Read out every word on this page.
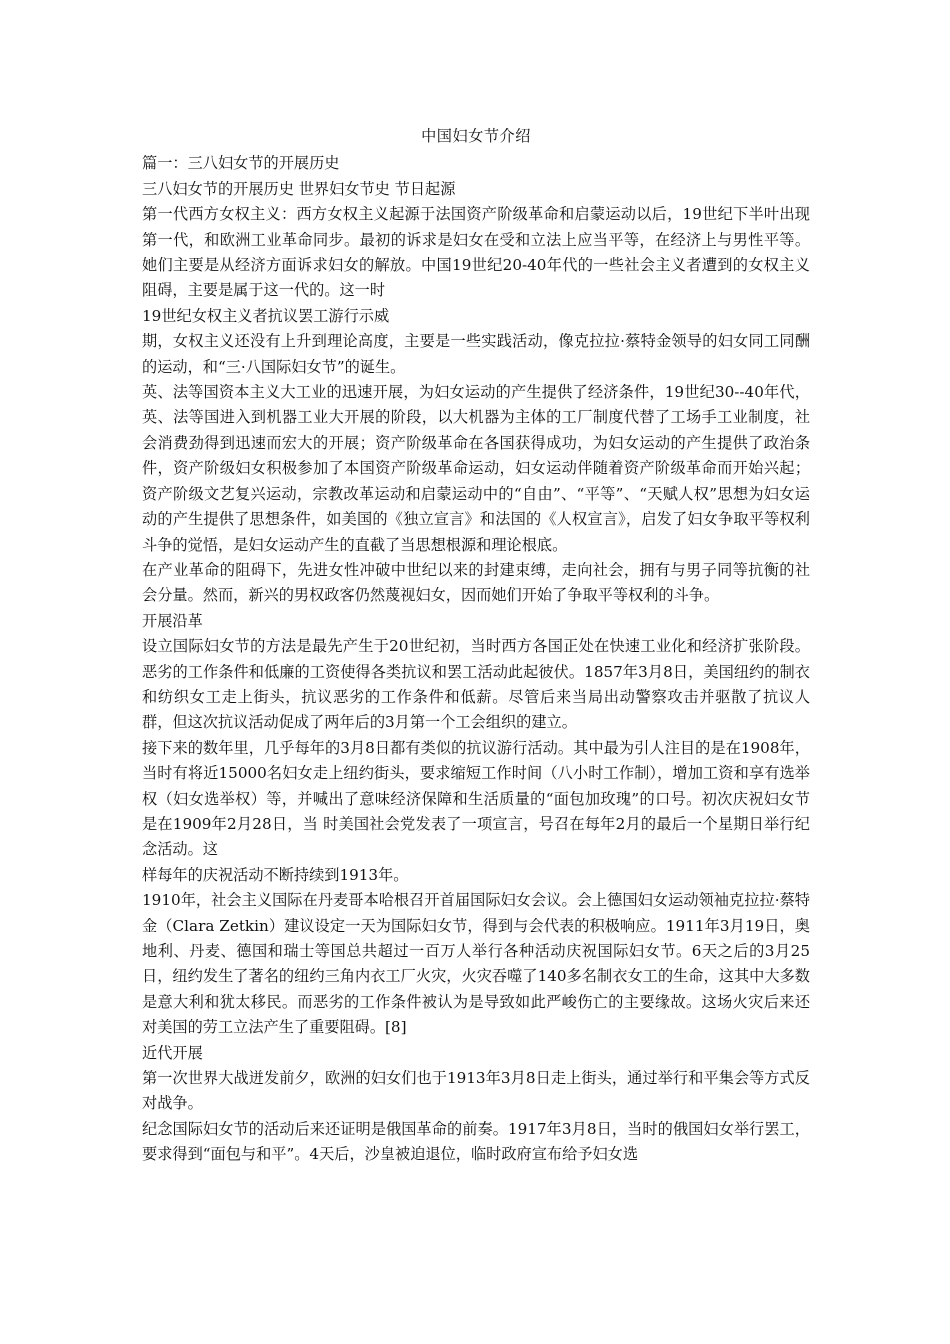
中国妇女节介绍

篇一：三八妇女节的开展历史

三八妇女节的开展历史 世界妇女节史 节日起源

第一代西方女权主义：西方女权主义起源于法国资产阶级革命和启蒙运动以后，19世纪下半叶出现第一代，和欧洲工业革命同步。最初的诉求是妇女在受和立法上应当平等，在经济上与男性平等。她们主要是从经济方面诉求妇女的解放。中国19世纪20-40年代的一些社会主义者遭到的女权主义阻碍，主要是属于这一代的。这一时

19世纪女权主义者抗议罢工游行示威

期，女权主义还没有上升到理论高度，主要是一些实践活动，像克拉拉·蔡特金领导的妇女同工同酬的运动，和“三·八国际妇女节”的诞生。

英、法等国资本主义大工业的迅速开展，为妇女运动的产生提供了经济条件，19世纪30--40年代，英、法等国进入到机器工业大开展的阶段，以大机器为主体的工厂制度代替了工场手工业制度，社会消费劲得到迅速而宏大的开展；资产阶级革命在各国获得成功，为妇女运动的产生提供了政治条件，资产阶级妇女积极参加了本国资产阶级革命运动，妇女运动伴随着资产阶级革命而开始兴起；资产阶级文艺复兴运动，宗教改革运动和启蒙运动中的“自由”、“平等”、“天赋人权”思想为妇女运动的产生提供了思想条件，如美国的《独立宣言》和法国的《人权宣言》，启发了妇女争取平等权利斗争的觉悟，是妇女运动产生的直截了当思想根源和理论根底。

在产业革命的阻碍下，先进女性冲破中世纪以来的封建束缚，走向社会，拥有与男子同等抗衡的社会分量。然而，新兴的男权政客仍然蔑视妇女，因而她们开始了争取平等权利的斗争。

开展沿革

设立国际妇女节的方法是最先产生于20世纪初，当时西方各国正处在快速工业化和经济扩张阶段。恶劣的工作条件和低廉的工资使得各类抗议和罢工活动此起彼伏。1857年3月8日，美国纽约的制衣和纺织女工走上街头，抗议恶劣的工作条件和低薪。尽管后来当局出动警察攻击并驱散了抗议人群，但这次抗议活动促成了两年后的3月第一个工会组织的建立。

接下来的数年里，几乎每年的3月8日都有类似的抗议游行活动。其中最为引人注目的是在1908年，当时有将近15000名妇女走上纽约街头，要求缩短工作时间（八小时工作制），增加工资和享有选举权（妇女选举权）等，并喊出了意味经济保障和生活质量的“面包加玫瑰”的口号。初次庆祝妇女节是在1909年2月28日，当 时美国社会党发表了一项宣言，号召在每年2月的最后一个星期日举行纪念活动。这

样每年的庆祝活动不断持续到1913年。

1910年，社会主义国际在丹麦哥本哈根召开首届国际妇女会议。会上德国妇女运动领袖克拉拉·蔡特金（Clara Zetkin）建议设定一天为国际妇女节，得到与会代表的积极响应。1911年3月19日，奥地利、丹麦、德国和瑞士等国总共超过一百万人举行各种活动庆祝国际妇女节。6天之后的3月25日，纽约发生了著名的纽约三角内衣工厂火灾，火灾吞噬了140多名制衣女工的生命，这其中大多数是意大利和犹太移民。而恶劣的工作条件被认为是导致如此严峻伤亡的主要缘故。这场火灾后来还对美国的劳工立法产生了重要阻碍。[8]

近代开展

第一次世界大战迸发前夕，欧洲的妇女们也于1913年3月8日走上街头，通过举行和平集会等方式反对战争。

纪念国际妇女节的活动后来还证明是俄国革命的前奏。1917年3月8日，当时的俄国妇女举行罢工，要求得到“面包与和平”。4天后，沙皇被迫退位，临时政府宣布给予妇女选
